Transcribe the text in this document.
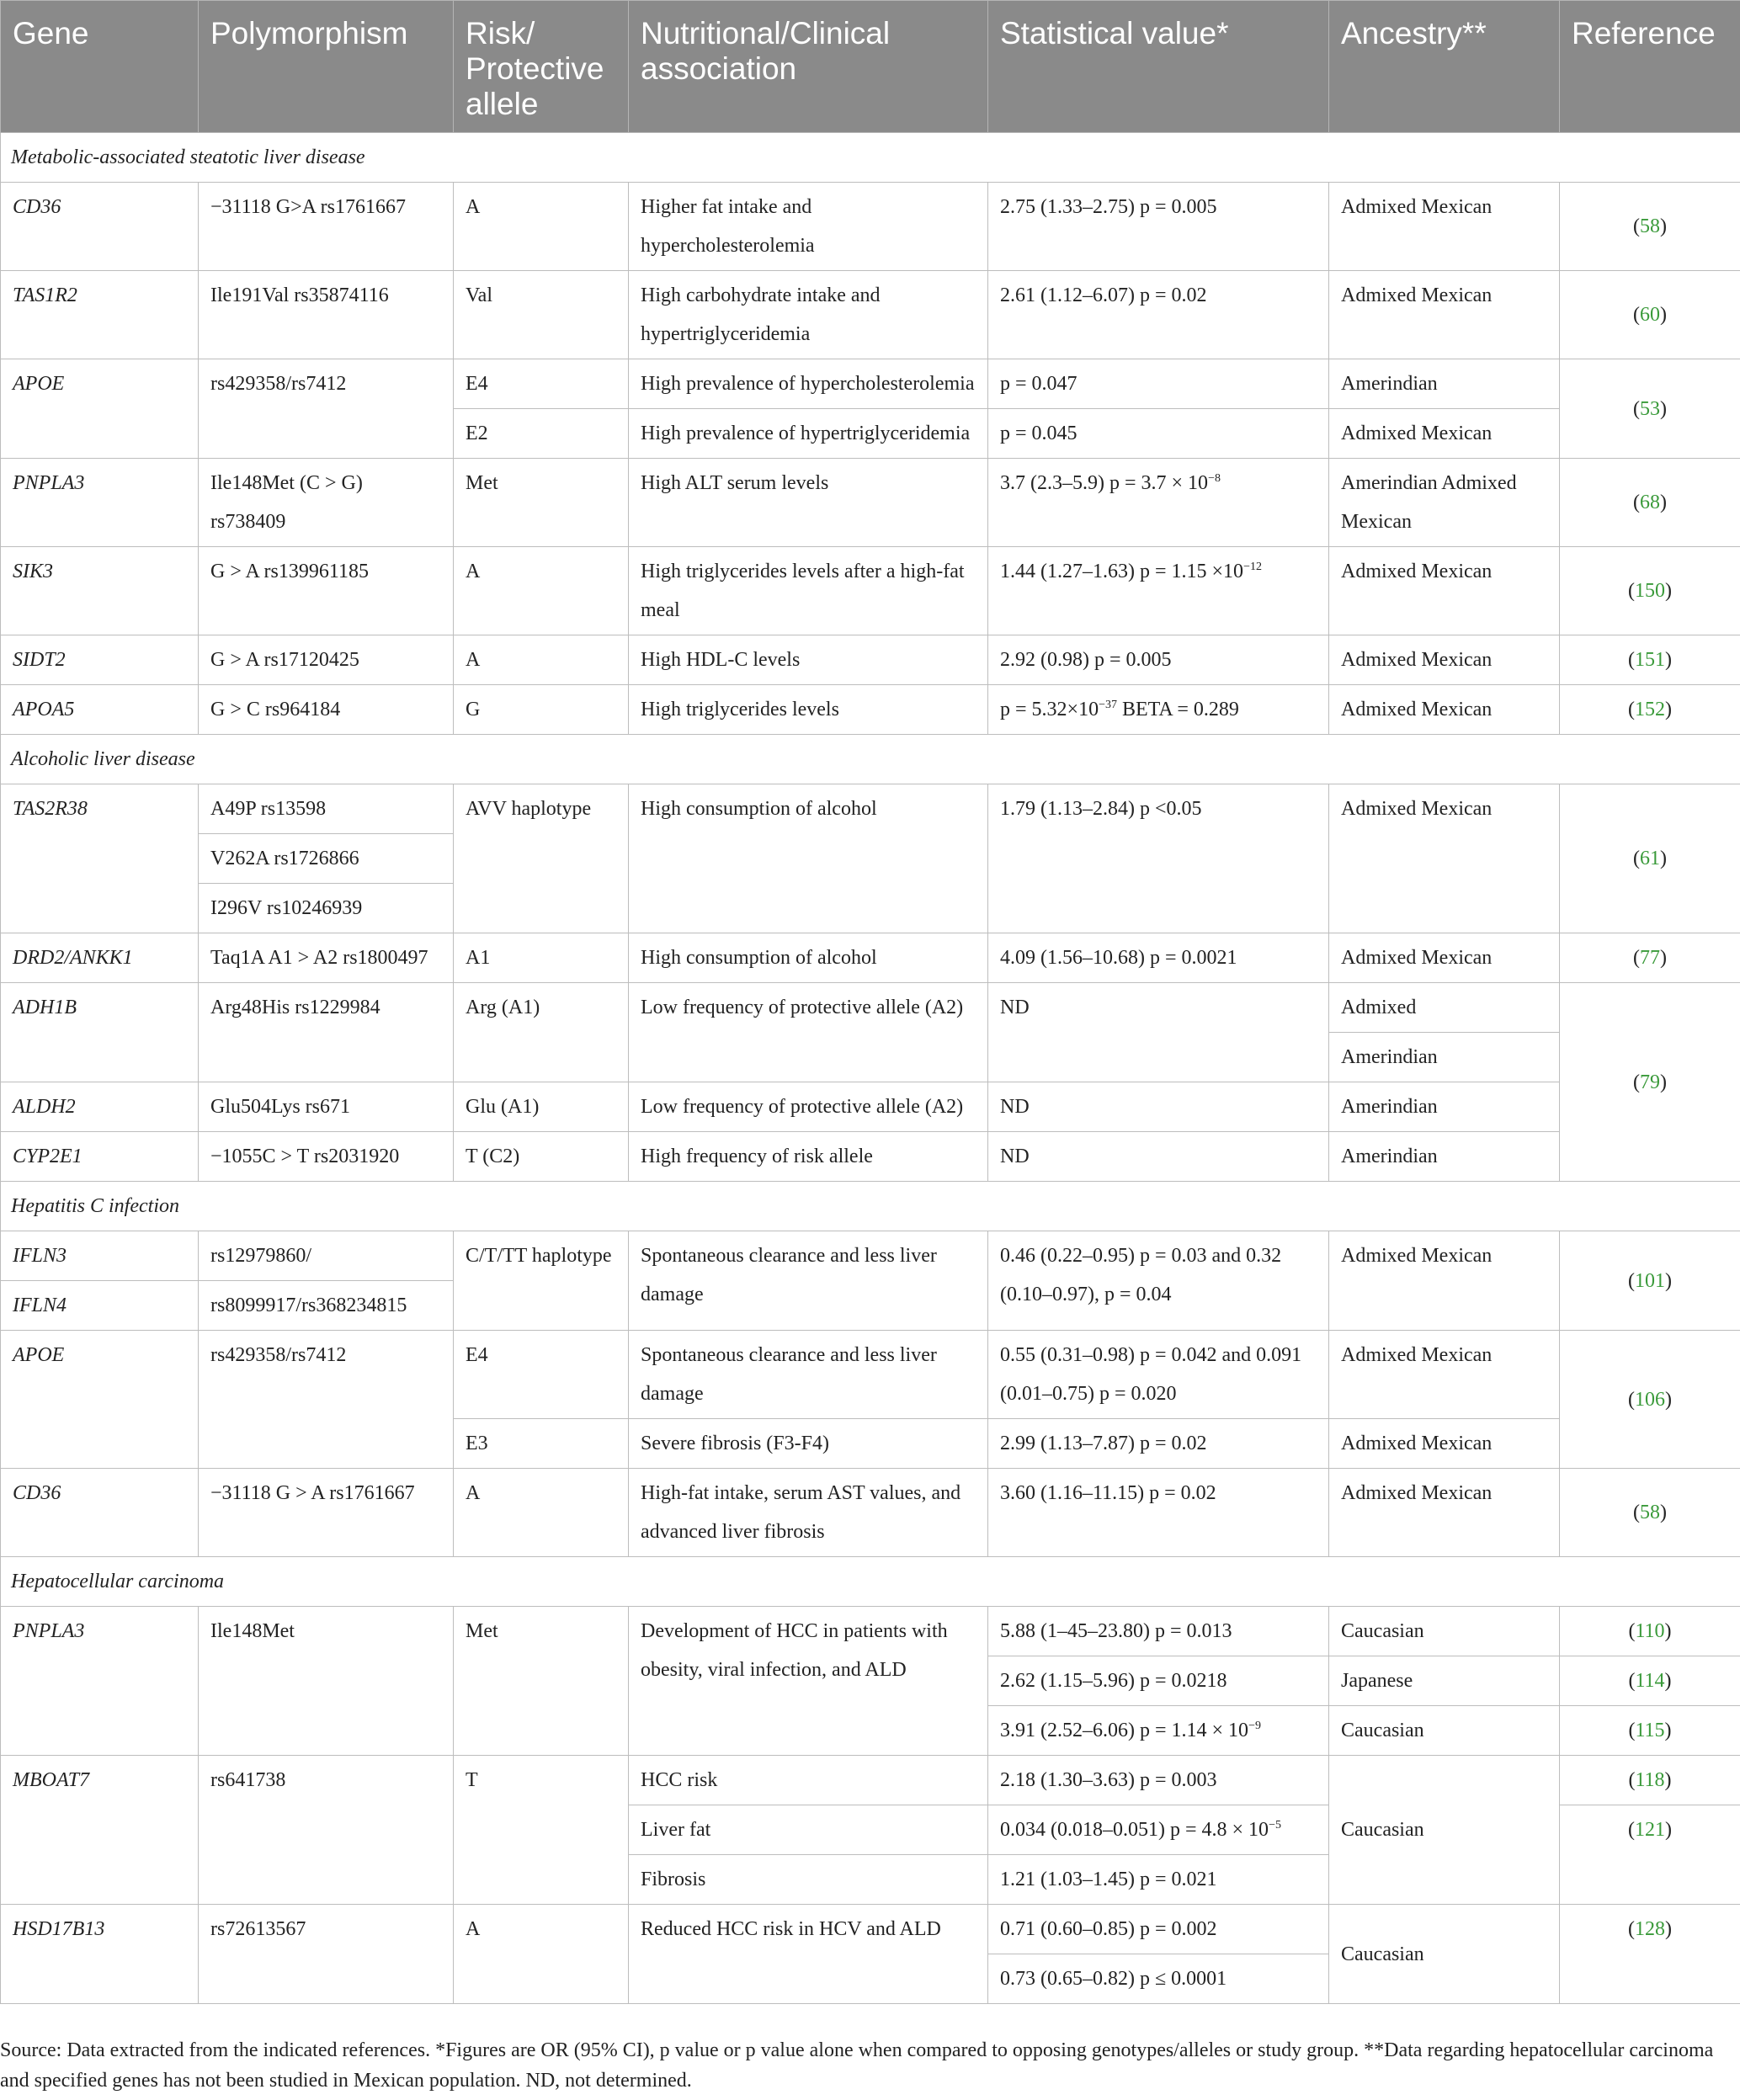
Gene	Polymorphism	Risk/ Protective allele	Nutritional/Clinical association	Statistical value*	Ancestry**	Reference
Metabolic-associated steatotic liver disease						
CD36	−31118 G>A rs1761667	A	Higher fat intake and hypercholesterolemia	2.75 (1.33–2.75) p = 0.005	Admixed Mexican	(58)
TAS1R2	Ile191Val rs35874116	Val	High carbohydrate intake and hypertriglyceridemia	2.61 (1.12–6.07) p = 0.02	Admixed Mexican	(60)
APOE	rs429358/rs7412	E4	High prevalence of hypercholesterolemia	p = 0.047	Amerindian	(53)
		E2	High prevalence of hypertriglyceridemia	p = 0.045	Admixed Mexican	
PNPLA3	Ile148Met (C > G) rs738409	Met	High ALT serum levels	3.7 (2.3–5.9) $p = 3.7 \times 10^{-8}$	Amerindian Admixed Mexican	(68)
SIK3	G > A rs139961185	A	High triglycerides levels after a high-fat meal	1.44 (1.27–1.63) $p = 1.15 \times 10^{-12}$	Admixed Mexican	(150)
SIDT2	G > A rs17120425	A	High HDL-C levels	2.92 (0.98) p = 0.005	Admixed Mexican	(151)
APOA5	G > C rs964184	G	High triglycerides levels	$p = 5.32\times 10^{-37}$ BETA = 0.289	Admixed Mexican	(152)
Alcoholic liver disease						
TAS2R38	A49P rs13598	AVV haplotype	High consumption of alcohol	1.79 (1.13–2.84) p <0.05	Admixed Mexican	(61)
	V262A rs1726866					
	I296V rs10246939					
DRD2/ANKK1	Taq1A A1 > A2 rs1800497	A1	High consumption of alcohol	4.09 (1.56–10.68) p = 0.0021	Admixed Mexican	(77)
ADH1B	Arg48His rs1229984	Arg (A1)	Low frequency of protective allele (A2)	ND	Admixed	(79)
					Amerindian	
ALDH2	Glu504Lys rs671	Glu (A1)	Low frequency of protective allele (A2)	ND	Amerindian	
CYP2E1	−1055C > T rs2031920	T (C2)	High frequency of risk allele	ND	Amerindian	
Hepatitis C infection						
IFLN3	rs12979860/	C/T/TT haplotype	Spontaneous clearance and less liver damage	0.46 (0.22–0.95) p = 0.03 and 0.32 (0.10–0.97), p = 0.04	Admixed Mexican	(101)
IFLN4	rs8099917/rs368234815					
APOE	rs429358/rs7412	E4	Spontaneous clearance and less liver damage	0.55 (0.31–0.98) p = 0.042 and 0.091 (0.01–0.75) p = 0.020	Admixed Mexican	(106)
		E3	Severe fibrosis (F3-F4)	2.99 (1.13–7.87) p = 0.02	Admixed Mexican	
CD36	−31118 G > A rs1761667	A	High-fat intake, serum AST values, and advanced liver fibrosis	3.60 (1.16–11.15) p = 0.02	Admixed Mexican	(58)
Hepatocellular carcinoma						
PNPLA3	Ile148Met	Met	Development of HCC in patients with obesity, viral infection, and ALD	5.88 (1–45–23.80) p = 0.013	Caucasian	(110)
				2.62 (1.15–5.96) p = 0.0218	Japanese	(114)
				3.91 (2.52–6.06) $p = 1.14 \times 10^{-9}$	Caucasian	(115)
MBOAT7	rs641738	T	HCC risk	2.18 (1.30–3.63) p = 0.003	Caucasian	(118)
			Liver fat	0.034 (0.018–0.051) $p = 4.8 \times 10^{-5}$		(121)
			Fibrosis	1.21 (1.03–1.45) p = 0.021		
HSD17B13	rs72613567	A	Reduced HCC risk in HCV and ALD	0.71 (0.60–0.85) p = 0.002	Caucasian	(128)
				0.73 (0.65–0.82) p ≤ 0.0001		
Source: Data extracted from the indicated references. *Figures are OR (95% CI), p value or p value alone when compared to opposing genotypes/alleles or study group. **Data regarding hepatocellular carcinoma and specified genes has not been studied in Mexican population. ND, not determined.
